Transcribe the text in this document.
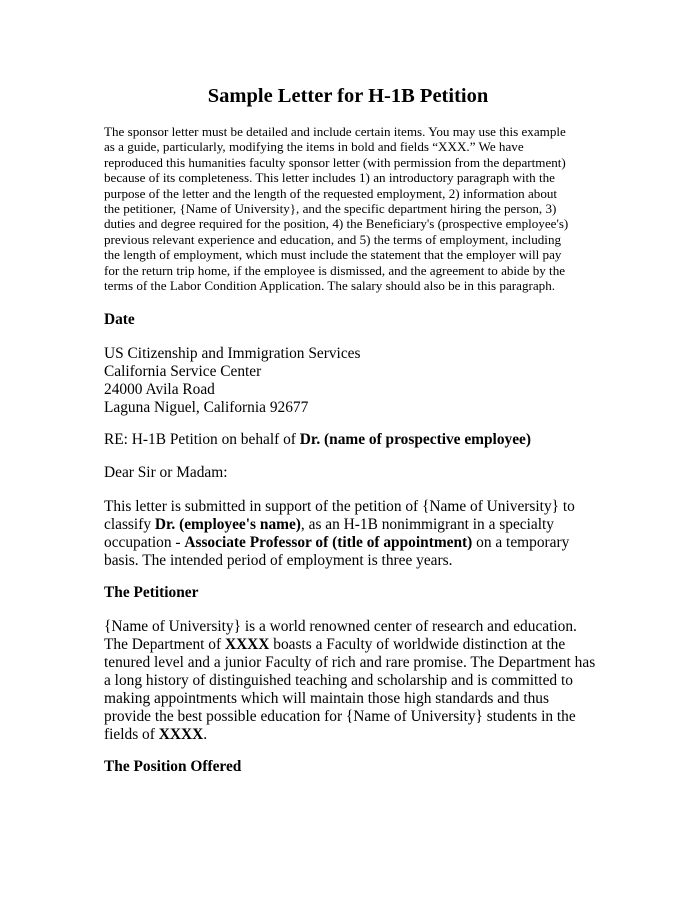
Sample Letter for H-1B Petition
The sponsor letter must be detailed and include certain items. You may use this example
as a guide, particularly, modifying the items in bold and fields “XXX.” We have
reproduced this humanities faculty sponsor letter (with permission from the department)
because of its completeness. This letter includes 1) an introductory paragraph with the
purpose of the letter and the length of the requested employment, 2) information about
the petitioner, {Name of University}, and the specific department hiring the person, 3)
duties and degree required for the position, 4) the Beneficiary's (prospective employee's)
previous relevant experience and education, and 5) the terms of employment, including
the length of employment, which must include the statement that the employer will pay
for the return trip home, if the employee is dismissed, and the agreement to abide by the
terms of the Labor Condition Application. The salary should also be in this paragraph.
Date
US Citizenship and Immigration Services
California Service Center
24000 Avila Road
Laguna Niguel, California 92677
RE: H-1B Petition on behalf of Dr. (name of prospective employee)
Dear Sir or Madam:
This letter is submitted in support of the petition of {Name of University} to
classify Dr. (employee's name), as an H-1B nonimmigrant in a specialty
occupation - Associate Professor of (title of appointment) on a temporary
basis. The intended period of employment is three years.
The Petitioner
{Name of University} is a world renowned center of research and education.
The Department of XXXX boasts a Faculty of worldwide distinction at the
tenured level and a junior Faculty of rich and rare promise. The Department has
a long history of distinguished teaching and scholarship and is committed to
making appointments which will maintain those high standards and thus
provide the best possible education for {Name of University} students in the
fields of XXXX.
The Position Offered
